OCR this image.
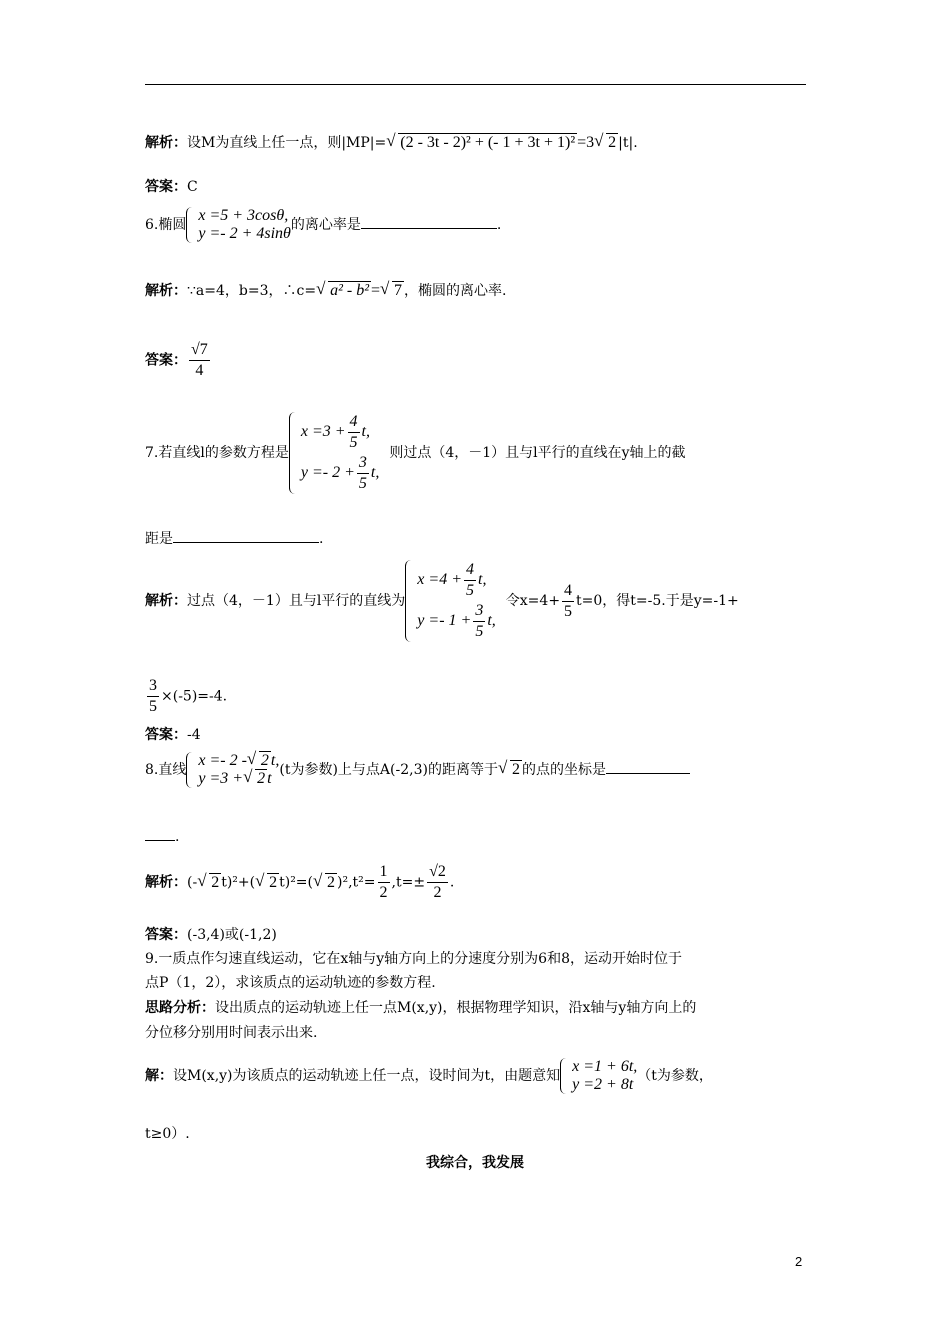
解析：设M为直线上任一点，则|MP|= √ (2 - 3t - 2)² + (- 1 + 3t + 1)² =3 √ 2 |t|.
答案：C
6.椭圆
x =5 + 3cosθ,
y =- 2 + 4sinθ 的离心率是	.
解析：∵a=4，b=3，∴c= √ a² - b² = √ 7 ，椭圆的离心率.
答案： $\frac{√7}{4}$
7.若直线l的参数方程是
$x =3 + \frac{4}{5} t$,
$y =- 2 + \frac{3}{5} t$,
则过点（4，－1）且与l平行的直线在y轴上的截
距是	.
解析：过点（4，－1）且与l平行的直线为
$x =4 + \frac{4}{5} t$,
$y =- 1 + \frac{3}{5} t$,
令$x=4+ \frac{4}{5} t=0$，得t=-5.于是y=-1+
$\frac{3}{5} \times(-5)=-4$.
答案：-4
8.直线
x =- 2 - √ 2 t,
y =3 + √ 2 t (t为参数)上与点A(-2,3)的距离等于 √ 2 的点的坐标是
.
解析：(- √ 2 t)²+( √ 2 t)²=( √ 2 )$^2,t^2= \frac{1}{2} ,t=\pm \frac{√2}{2}$ .
答案：(-3,4)或(-1,2)
9.一质点作匀速直线运动，它在x轴与y轴方向上的分速度分别为6和8，运动开始时位于
点P（1，2），求该质点的运动轨迹的参数方程.
思路分析：设出质点的运动轨迹上任一点M(x,y)，根据物理学知识，沿x轴与y轴方向上的
分位移分别用时间表示出来.
解：设M(x,y)为该质点的运动轨迹上任一点，设时间为t，由题意知
x =1 + 6t,
y =2 + 8t （t为参数，
t≥0）.
我综合，我发展
2
